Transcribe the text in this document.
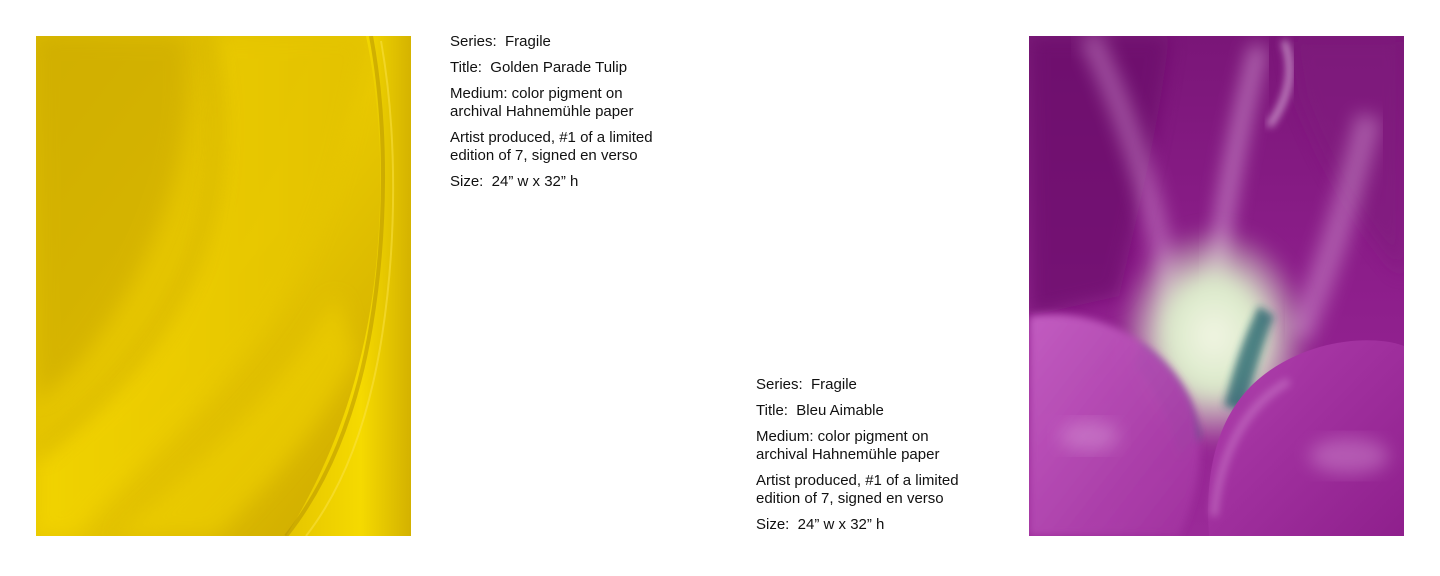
Series:  Fragile

Title:  Golden Parade Tulip

Medium: color pigment on
archival Hahnemühle paper

Artist produced, #1 of a limited
edition of 7, signed en verso

Size:  24” w x 32” h

Series:  Fragile

Title:  Bleu Aimable

Medium: color pigment on
archival Hahnemühle paper

Artist produced, #1 of a limited
edition of 7, signed en verso

Size:  24” w x 32” h
